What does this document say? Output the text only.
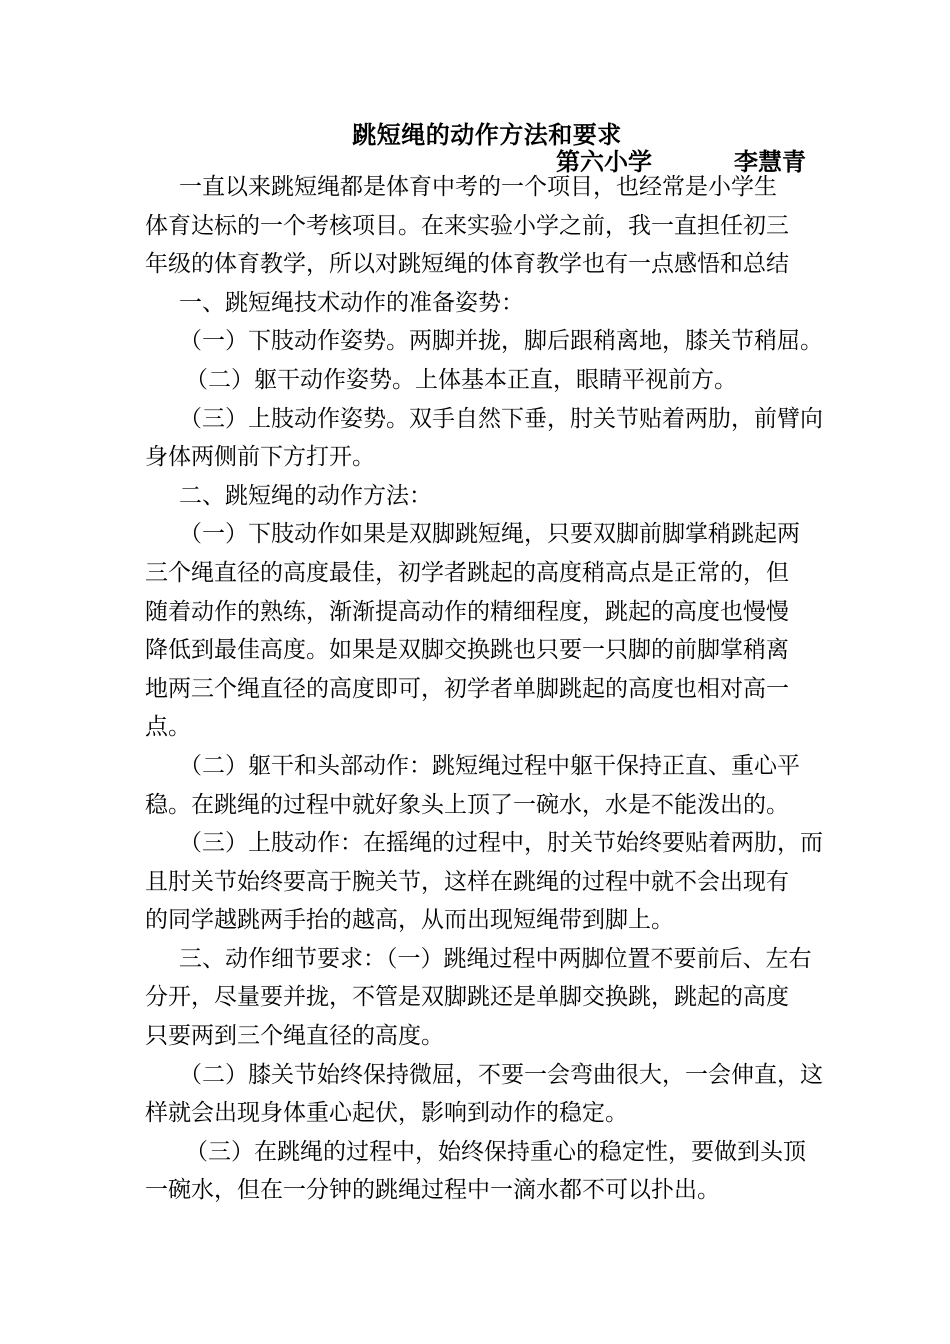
跳短绳的动作方法和要求
第六小学	李慧青
一直以来跳短绳都是体育中考的一个项目，也经常是小学生
体育达标的一个考核项目。在来实验小学之前，我一直担任初三
年级的体育教学，所以对跳短绳的体育教学也有一点感悟和总结
一、跳短绳技术动作的准备姿势：
（一）下肢动作姿势。两脚并拢，脚后跟稍离地，膝关节稍屈。
（二）躯干动作姿势。上体基本正直，眼睛平视前方。
（三）上肢动作姿势。双手自然下垂，肘关节贴着两肋，前臂向
身体两侧前下方打开。
二、跳短绳的动作方法：
（一）下肢动作如果是双脚跳短绳，只要双脚前脚掌稍跳起两
三个绳直径的高度最佳，初学者跳起的高度稍高点是正常的，但
随着动作的熟练，渐渐提高动作的精细程度，跳起的高度也慢慢
降低到最佳高度。如果是双脚交换跳也只要一只脚的前脚掌稍离
地两三个绳直径的高度即可，初学者单脚跳起的高度也相对高一
点。
（二）躯干和头部动作：跳短绳过程中躯干保持正直、重心平
稳。在跳绳的过程中就好象头上顶了一碗水，水是不能泼出的。
（三）上肢动作：在摇绳的过程中，肘关节始终要贴着两肋，而
且肘关节始终要高于腕关节，这样在跳绳的过程中就不会出现有
的同学越跳两手抬的越高，从而出现短绳带到脚上。
三、动作细节要求：（一）跳绳过程中两脚位置不要前后、左右
分开，尽量要并拢，不管是双脚跳还是单脚交换跳，跳起的高度
只要两到三个绳直径的高度。
（二）膝关节始终保持微屈，不要一会弯曲很大，一会伸直，这
样就会出现身体重心起伏，影响到动作的稳定。
（三）在跳绳的过程中，始终保持重心的稳定性，要做到头顶
一碗水，但在一分钟的跳绳过程中一滴水都不可以扑出。
